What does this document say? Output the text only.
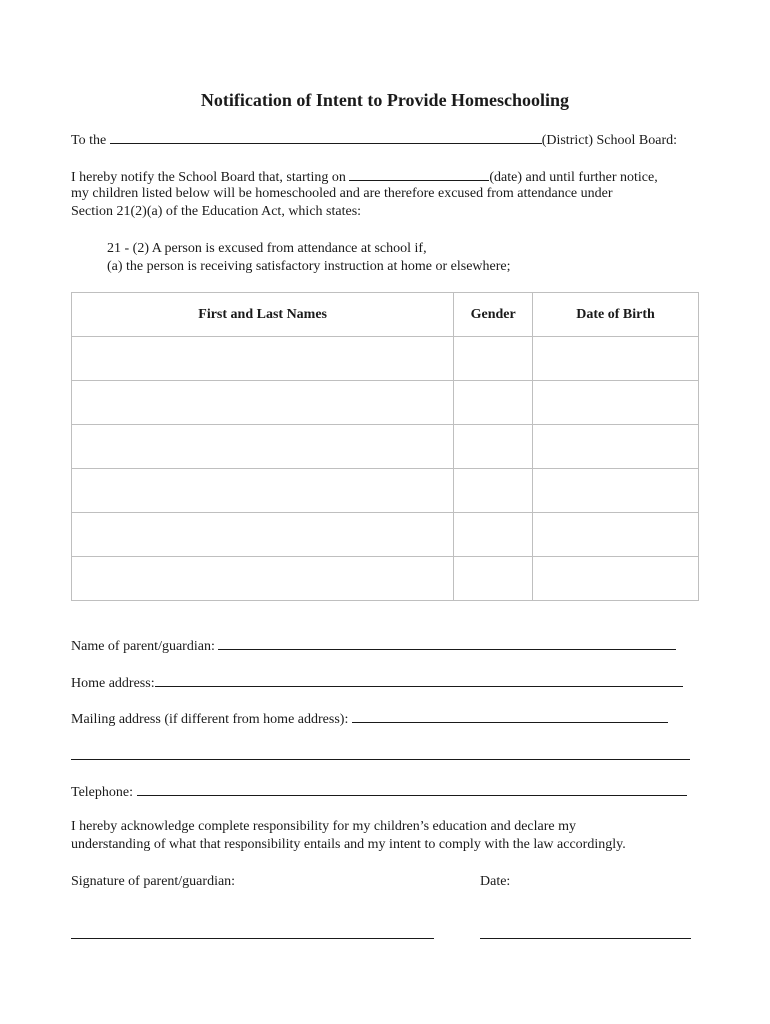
Notification of Intent to Provide Homeschooling
To the	(District) School Board:
I hereby notify the School Board that, starting on	(date) and until further notice,
my children listed below will be homeschooled and are therefore excused from attendance under
Section 21(2)(a) of the Education Act, which states:
21 - (2) A person is excused from attendance at school if,
(a) the person is receiving satisfactory instruction at home or elsewhere;
First and Last Names	Gender	Date of Birth

Name of parent/guardian:
Home address:
Mailing address (if different from home address):
Telephone:
I hereby acknowledge complete responsibility for my children’s education and declare my
understanding of what that responsibility entails and my intent to comply with the law accordingly.
Signature of parent/guardian:	Date:
